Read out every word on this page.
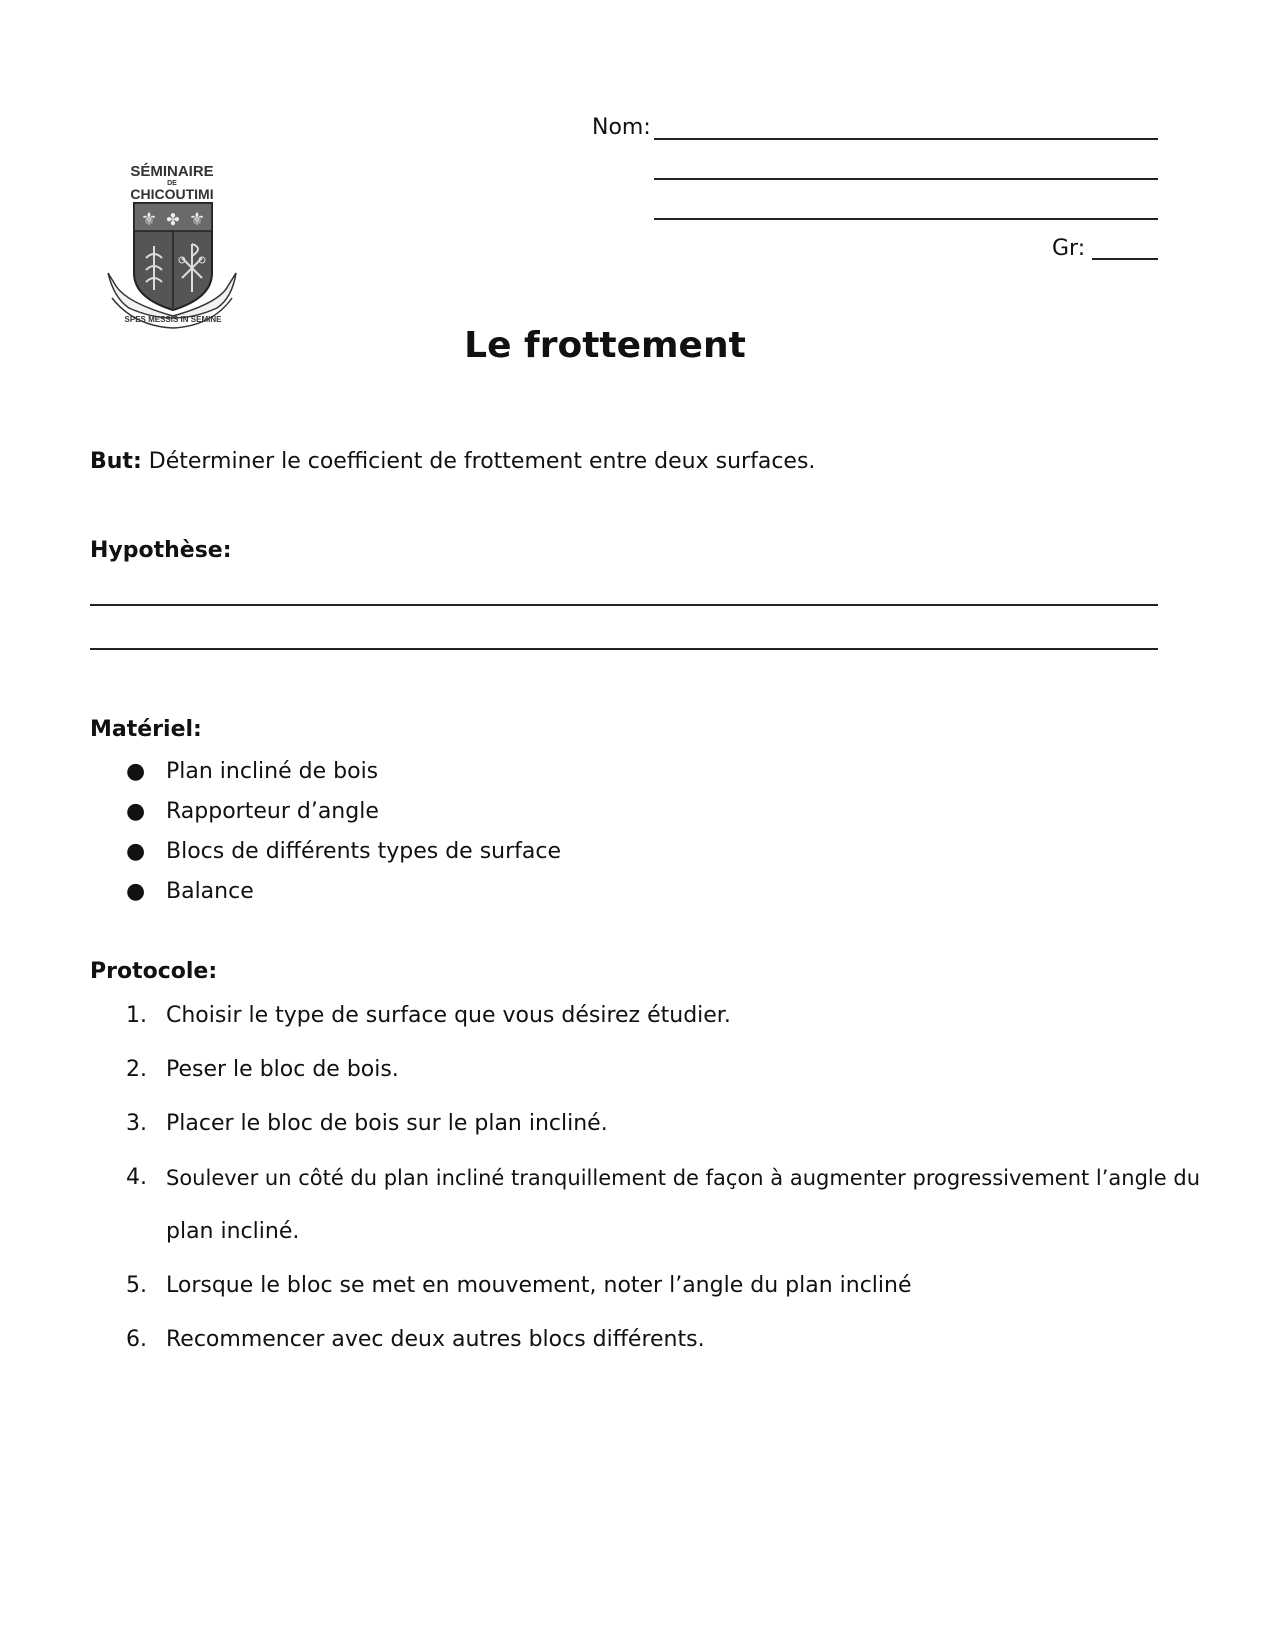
Nom:
Gr:
SÉMINAIRE
DE
CHICOUTIMI
⚜ ✤ ⚜
SPES MESSIS IN SEMINE
Le frottement
But: Déterminer le coefficient de frottement entre deux surfaces.
Hypothèse:
Matériel:
● Plan incliné de bois
● Rapporteur d’angle
● Blocs de différents types de surface
● Balance
Protocole:
1. Choisir le type de surface que vous désirez étudier.
2. Peser le bloc de bois.
3. Placer le bloc de bois sur le plan incliné.
4. Soulever un côté du plan incliné tranquillement de façon à augmenter progressivement l’angle du
plan incliné.
5. Lorsque le bloc se met en mouvement, noter l’angle du plan incliné
6. Recommencer avec deux autres blocs différents.
